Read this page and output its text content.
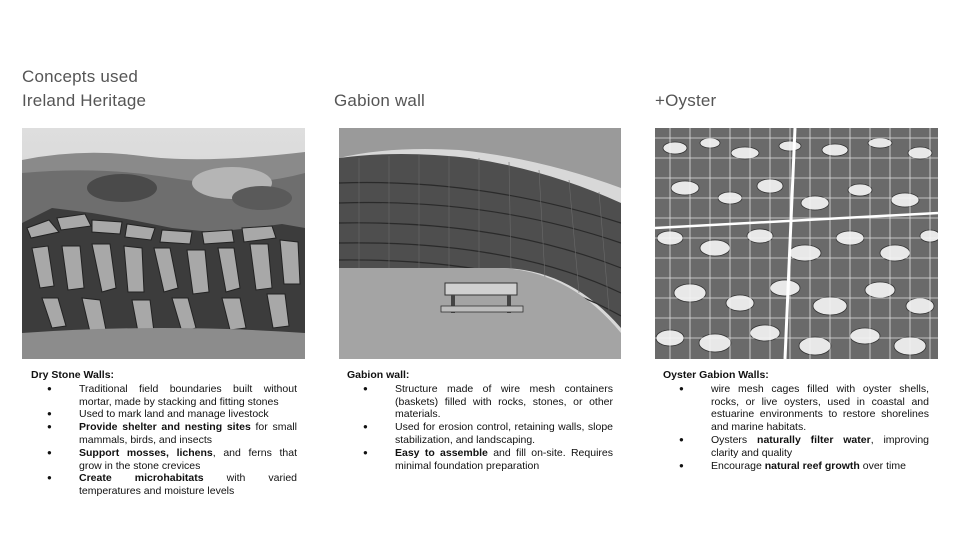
Concepts used
Ireland Heritage	Gabion wall	+Oyster
Dry Stone Walls:
● Traditional field boundaries built without mortar, made by stacking and fitting stones
● Used to mark land and manage livestock
● Provide shelter and nesting sites for small mammals, birds, and insects
● Support mosses, lichens, and ferns that grow in the stone crevices
● Create microhabitats with varied temperatures and moisture levels
Gabion wall:
● Structure made of wire mesh containers (baskets) filled with rocks, stones, or other materials.
● Used for erosion control, retaining walls, slope stabilization, and landscaping.
● Easy to assemble and fill on-site. Requires minimal foundation preparation
Oyster Gabion Walls:
● wire mesh cages filled with oyster shells, rocks, or live oysters, used in coastal and estuarine environments to restore shorelines and marine habitats.
● Oysters naturally filter water, improving clarity and quality
● Encourage natural reef growth over time
